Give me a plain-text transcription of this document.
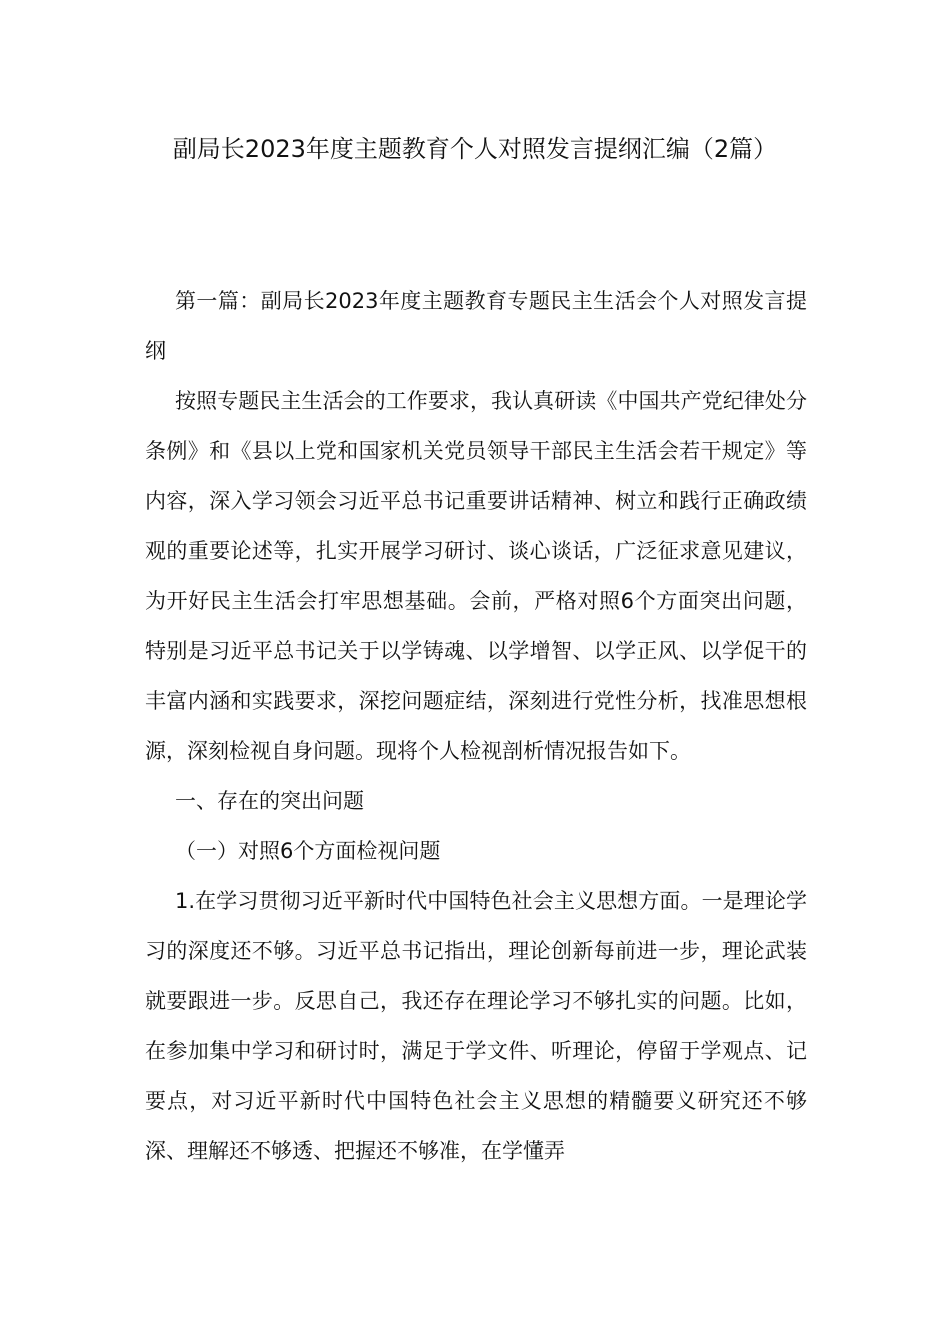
副局长2023年度主题教育个人对照发言提纲汇编（2篇）

第一篇：副局长2023年度主题教育专题民主生活会个人对照发言提纲

按照专题民主生活会的工作要求，我认真研读《中国共产党纪律处分条例》和《县以上党和国家机关党员领导干部民主生活会若干规定》等内容，深入学习领会习近平总书记重要讲话精神、树立和践行正确政绩观的重要论述等，扎实开展学习研讨、谈心谈话，广泛征求意见建议，为开好民主生活会打牢思想基础。会前，严格对照6个方面突出问题，特别是习近平总书记关于以学铸魂、以学增智、以学正风、以学促干的丰富内涵和实践要求，深挖问题症结，深刻进行党性分析，找准思想根源，深刻检视自身问题。现将个人检视剖析情况报告如下。

一、存在的突出问题

（一）对照6个方面检视问题

1.在学习贯彻习近平新时代中国特色社会主义思想方面。一是理论学习的深度还不够。习近平总书记指出，理论创新每前进一步，理论武装就要跟进一步。反思自己，我还存在理论学习不够扎实的问题。比如，在参加集中学习和研讨时，满足于学文件、听理论，停留于学观点、记要点，对习近平新时代中国特色社会主义思想的精髓要义研究还不够深、理解还不够透、把握还不够准，在学懂弄
